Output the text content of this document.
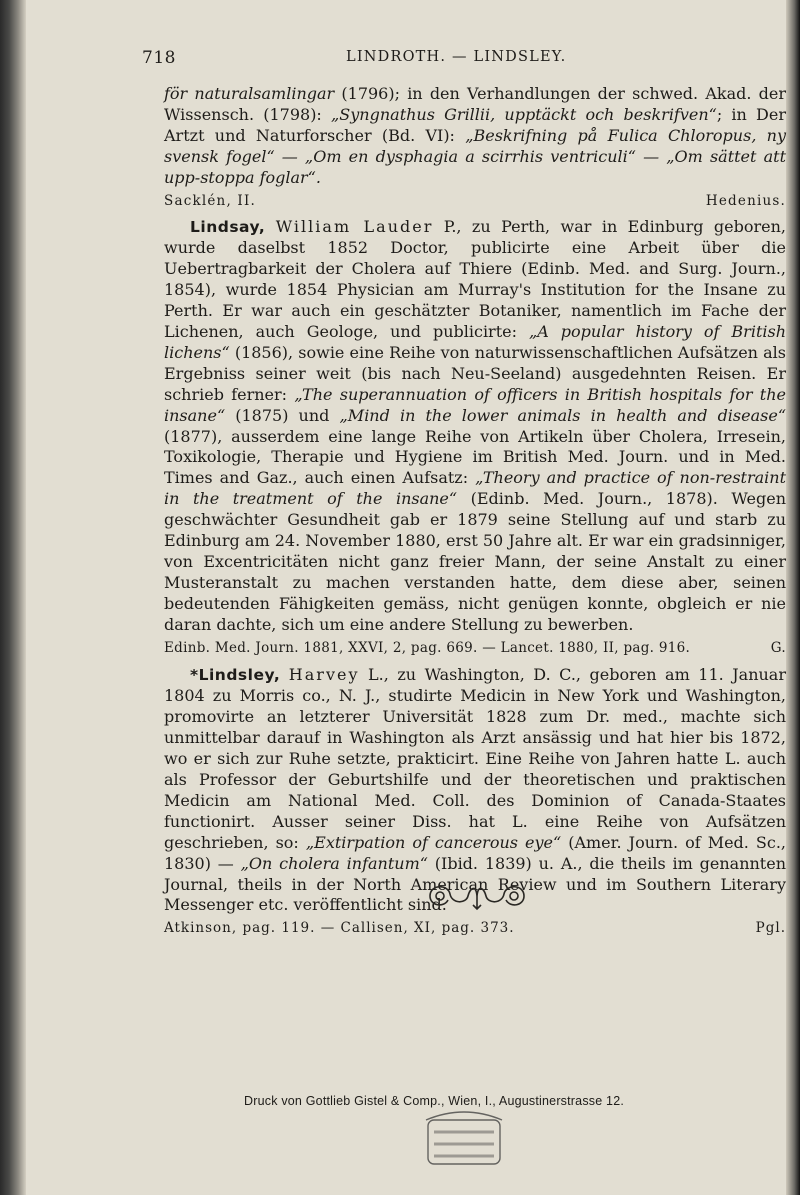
718	LINDROTH. — LINDSLEY.

för naturalsamlingar (1796); in den Verhandlungen der schwed. Akad. der Wissensch. (1798): „Syngnathus Grillii, upptäckt och beskrifven“; in Der Artzt und Naturforscher (Bd. VI): „Beskrifning på Fulica Chloropus, ny svensk fogel“ — „Om en dysphagia a scirrhis ventriculi“ — „Om sättet att upp-stoppa foglar“.

Sacklén, II.	Hedenius.

Lindsay, William Lauder P., zu Perth, war in Edinburg geboren, wurde daselbst 1852 Doctor, publicirte eine Arbeit über die Uebertragbarkeit der Cholera auf Thiere (Edinb. Med. and Surg. Journ., 1854), wurde 1854 Physician am Murray's Institution for the Insane zu Perth. Er war auch ein geschätzter Botaniker, namentlich im Fache der Lichenen, auch Geologe, und publicirte: „A popular history of British lichens“ (1856), sowie eine Reihe von naturwissenschaftlichen Aufsätzen als Ergebniss seiner weit (bis nach Neu-Seeland) ausgedehnten Reisen. Er schrieb ferner: „The superannuation of officers in British hospitals for the insane“ (1875) und „Mind in the lower animals in health and disease“ (1877), ausserdem eine lange Reihe von Artikeln über Cholera, Irresein, Toxikologie, Therapie und Hygiene im British Med. Journ. und in Med. Times and Gaz., auch einen Aufsatz: „Theory and practice of non-restraint in the treatment of the insane“ (Edinb. Med. Journ., 1878). Wegen geschwächter Gesundheit gab er 1879 seine Stellung auf und starb zu Edinburg am 24. November 1880, erst 50 Jahre alt. Er war ein gradsinniger, von Excentricitäten nicht ganz freier Mann, der seine Anstalt zu einer Musteranstalt zu machen verstanden hatte, dem diese aber, seinen bedeutenden Fähigkeiten gemäss, nicht genügen konnte, obgleich er nie daran dachte, sich um eine andere Stellung zu bewerben.

Edinb. Med. Journ. 1881, XXVI, 2, pag. 669. — Lancet. 1880, II, pag. 916.	G.

*Lindsley, Harvey L., zu Washington, D. C., geboren am 11. Januar 1804 zu Morris co., N. J., studirte Medicin in New York und Washington, promovirte an letzterer Universität 1828 zum Dr. med., machte sich unmittelbar darauf in Washington als Arzt ansässig und hat hier bis 1872, wo er sich zur Ruhe setzte, prakticirt. Eine Reihe von Jahren hatte L. auch als Professor der Geburtshilfe und der theoretischen und praktischen Medicin am National Med. Coll. des Dominion of Canada-Staates functionirt. Ausser seiner Diss. hat L. eine Reihe von Aufsätzen geschrieben, so: „Extirpation of cancerous eye“ (Amer. Journ. of Med. Sc., 1830) — „On cholera infantum“ (Ibid. 1839) u. A., die theils im genannten Journal, theils in der North American Review und im Southern Literary Messenger etc. veröffentlicht sind.

Atkinson, pag. 119. — Callisen, XI, pag. 373.	Pgl.
Druck von Gottlieb Gistel & Comp., Wien, I., Augustinerstrasse 12.
